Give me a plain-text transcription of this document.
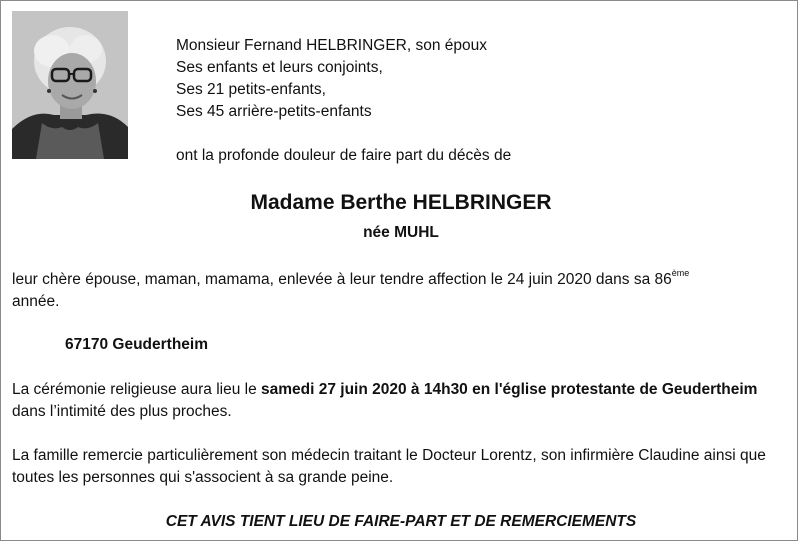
Monsieur Fernand HELBRINGER, son époux
Ses enfants et leurs conjoints,
Ses 21 petits-enfants,
Ses 45 arrière-petits-enfants
ont la profonde douleur de faire part du décès de
Madame Berthe HELBRINGER
née MUHL
leur chère épouse, maman, mamama, enlevée à leur tendre affection le 24 juin 2020 dans sa 86ème
année.
67170 Geudertheim
La cérémonie religieuse aura lieu le samedi 27 juin 2020 à 14h30 en l'église protestante de Geudertheim dans l’intimité des plus proches.
La famille remercie particulièrement son médecin traitant le Docteur Lorentz, son infirmière Claudine ainsi que toutes les personnes qui s'associent à sa grande peine.
CET AVIS TIENT LIEU DE FAIRE-PART ET DE REMERCIEMENTS
